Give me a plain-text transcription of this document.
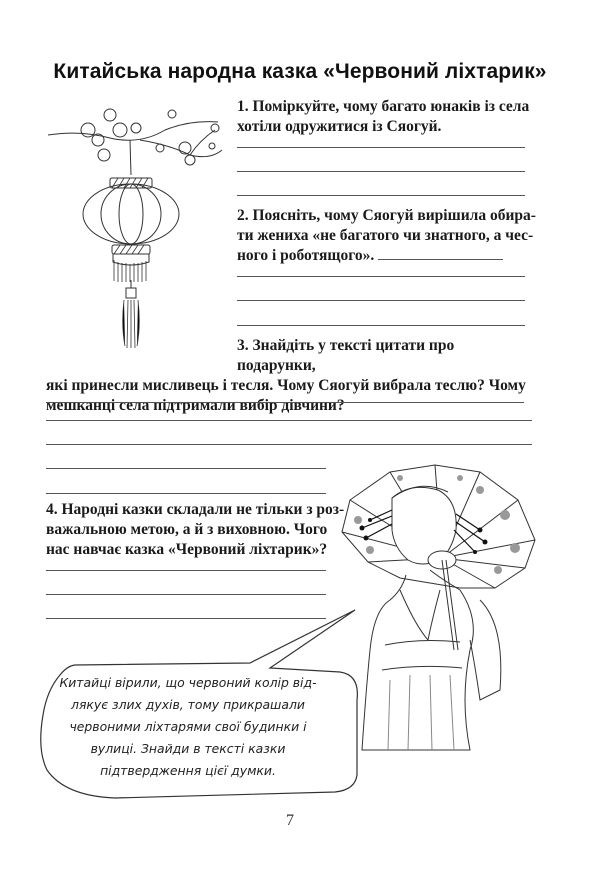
Китайська народна казка «Червоний ліхтарик»
1. Поміркуйте, чому багато юнаків із села
хотіли одружитися із Сяогуй.
2. Поясніть, чому Сяогуй вирішила обира-
ти жениха «не багатого чи знатного, а чес-
ного і роботящого».
3. Знайдіть у тексті цитати про подарунки,
які принесли мисливець і тесля. Чому Сяогуй вибрала теслю? Чому
мешканці села підтримали вибір дівчини?
4. Народні казки складали не тільки з роз-
важальною метою, а й з виховною. Чого
нас навчає казка «Червоний ліхтарик»?
Китайці вірили, що червоний колір від-
лякує злих духів, тому прикрашали
червоними ліхтарями свої будинки і
вулиці. Знайди в тексті казки
підтвердження цієї думки.
7
